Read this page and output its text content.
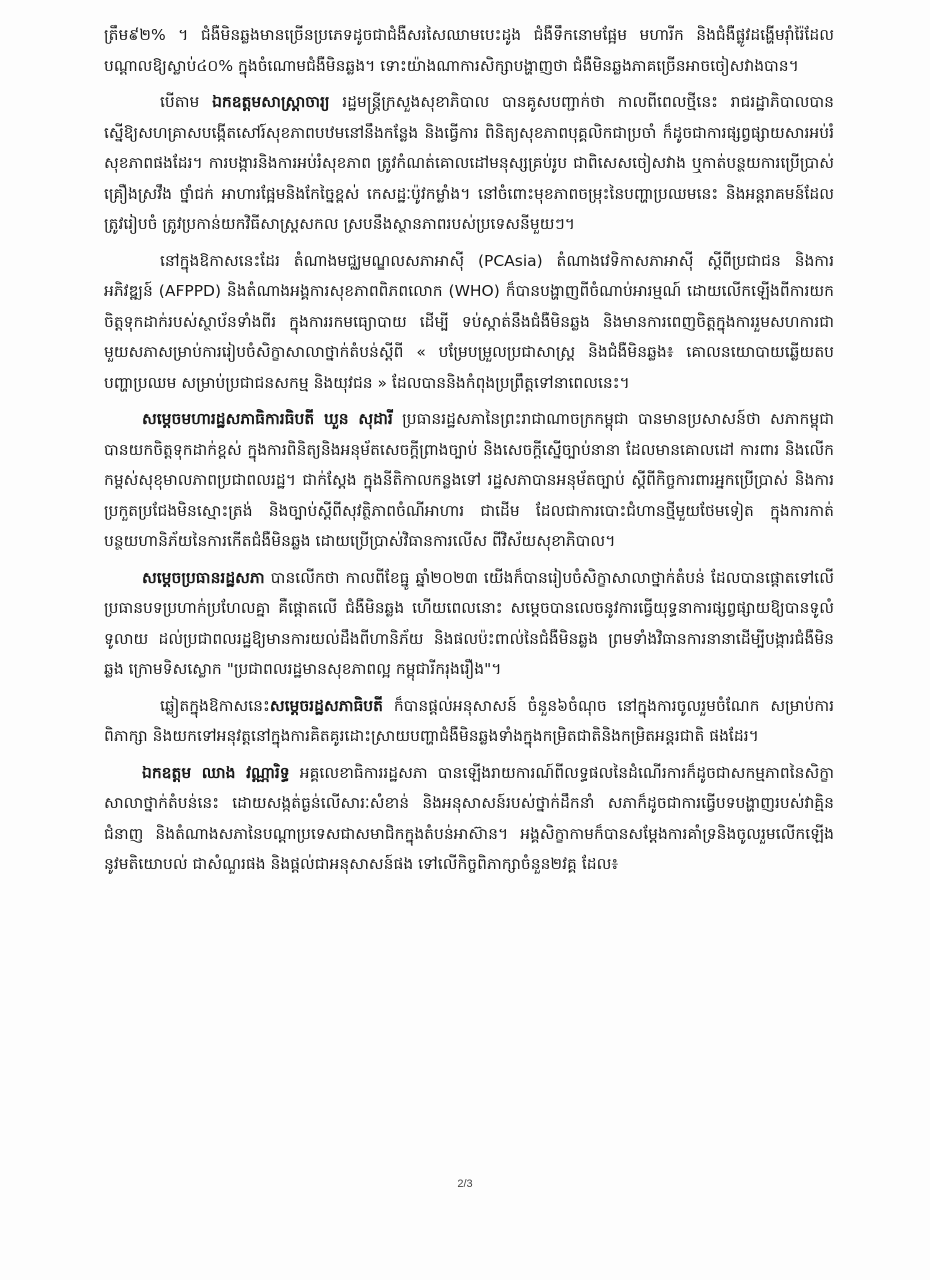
ត្រឹម៩២% ។ ជំងឺមិនឆ្លងមានច្រើនប្រភេទដូចជាជំងឺសរសៃឈាមបេះដូង ជំងឺទឹកនោមផ្អែម មហារីក និងជំងឺផ្លូវដង្ហើមរ៉ាំរ៉ៃដែលបណ្ដាលឱ្យស្លាប់៤០% ក្នុងចំណោមជំងឺមិនឆ្លង។ ទោះយ៉ាងណាការសិក្សាបង្ហាញថា ជំងឺមិនឆ្លងភាគច្រើនអាចចៀសវាងបាន។

បើតាម ឯកឧត្តមសាស្ត្រាចារ្យ រដ្ឋមន្ត្រីក្រសួងសុខាភិបាល បានគូសបញ្ជាក់ថា កាលពីពេលថ្មីនេះ រាជរដ្ឋាភិបាលបានស្នើឱ្យសហគ្រាសបង្កើតសៅរ៍សុខភាពបឋមនៅនឹងកន្លែង និងធ្វើការ ពិនិត្យសុខភាពបុគ្គលិកជាប្រចាំ ក៏ដូចជាការផ្សព្វផ្សាយសារអប់រំសុខភាពផងដែរ។ ការបង្ការនិងការអប់រំសុខភាព ត្រូវកំណត់គោលដៅមនុស្សគ្រប់រូប ជាពិសេសចៀសវាង ឬកាត់បន្ថយការប្រើប្រាស់គ្រឿងស្រវឹង ថ្នាំជក់ អាហារផ្អែមនិងកែច្នៃខ្ពស់ កេសដ្ឋៈប៉ូវកម្លាំង។ នៅចំពោះមុខភាពចម្រុះនៃបញ្ហាប្រឈមនេះ និងអន្តរាគមន៍ដែលត្រូវរៀបចំ ត្រូវប្រកាន់យកវិធីសាស្ត្រសកល ស្របនឹងស្ថានភាពរបស់ប្រទេសនីមួយៗ។

នៅក្នុងឱកាសនេះដែរ តំណាងមជ្ឈមណ្ឌលសភាអាស៊ី (PCAsia) តំណាងវេទិកាសភាអាស៊ី ស្ដីពីប្រជាជន និងការអភិវឌ្ឍន៍ (AFPPD) និងតំណាងអង្គការសុខភាពពិភពលោក (WHO) ក៏បានបង្ហាញពីចំណាប់អារម្មណ៍ ដោយលើកឡើងពីការយកចិត្តទុកដាក់របស់ស្ថាប័នទាំងពីរ ក្នុងការរកមធ្យោបាយ ដើម្បី ទប់ស្កាត់នឹងជំងឺមិនឆ្លង និងមានការពេញចិត្តក្នុងការរួមសហការជាមួយសភាសម្រាប់ការរៀបចំសិក្ខាសាលាថ្នាក់តំបន់ស្ដីពី « បម្រែបម្រួលប្រជាសាស្ត្រ និងជំងឺមិនឆ្លង៖ គោលនយោបាយឆ្លើយតប បញ្ហាប្រឈម សម្រាប់ប្រជាជនសកម្ម និងយុវជន » ដែលបាននិងកំពុងប្រព្រឹត្តទៅនាពេលនេះ។

សម្ដេចមហារដ្ឋសភាធិការធិបតី ឃួន សុដារី ប្រធានរដ្ឋសភានៃព្រះរាជាណាចក្រកម្ពុជា បានមានប្រសាសន៍ថា សភាកម្ពុជាបានយកចិត្តទុកដាក់ខ្ពស់ ក្នុងការពិនិត្យនិងអនុម័តសេចក្ដីព្រាងច្បាប់ និងសេចក្ដីស្នើច្បាប់នានា ដែលមានគោលដៅ ការពារ និងលើកកម្ពស់សុខុមាលភាពប្រជាពលរដ្ឋ។ ជាក់ស្ដែង ក្នុងនីតិកាលកន្លងទៅ រដ្ឋសភាបានអនុម័តច្បាប់ ស្ដីពីកិច្ចការពារអ្នកប្រើប្រាស់ និងការប្រកួតប្រជែងមិនស្មោះត្រង់ និងច្បាប់ស្ដីពីសុវត្ថិភាពចំណីអាហារ ជាដើម ដែលជាការបោះជំហានថ្មីមួយថែមទៀត ក្នុងការកាត់បន្ថយហានិភ័យនៃការកើតជំងឺមិនឆ្លង ដោយប្រើប្រាស់វិធានការលើស ពីវិស័យសុខាភិបាល។

សម្ដេចប្រធានរដ្ឋសភា បានលើកថា កាលពីខែធ្នូ ឆ្នាំ២០២៣ យើងក៏បានរៀបចំសិក្ខាសាលាថ្នាក់តំបន់ ដែលបានផ្ដោតទៅលើប្រធានបទប្រហាក់ប្រហែលគ្នា គឺផ្ដោតលើ ជំងឺមិនឆ្លង ហើយពេលនោះ សម្ដេចបានលេចនូវការធ្វើយុទ្ធនាការផ្សព្វផ្សាយឱ្យបានទូលំទូលាយ ដល់ប្រជាពលរដ្ឋឱ្យមានការយល់ដឹងពីហានិភ័យ និងផលប៉ះពាល់នៃជំងឺមិនឆ្លង ព្រមទាំងវិធានការនានាដើម្បីបង្ការជំងឺមិនឆ្លង ក្រោមទិសស្លោក "ប្រជាពលរដ្ឋមានសុខភាពល្អ កម្ពុជារីករុងរឿង"។

ឆ្លៀតក្នុងឱកាសនេះសម្ដេចរដ្ឋសភាធិបតី ក៏បានផ្ដល់អនុសាសន៍ ចំនួន៦ចំណុច នៅក្នុងការចូលរួមចំណែក សម្រាប់ការពិភាក្សា និងយកទៅអនុវត្តនៅក្នុងការគិតគូរដោះស្រាយបញ្ហាជំងឺមិនឆ្លងទាំងក្នុងកម្រិតជាតិនិងកម្រិតអន្តរជាតិ ផងដែរ។

ឯកឧត្តម ឈាង វណ្ណារិទ្ធ អគ្គលេខាធិការរដ្ឋសភា បានឡើងរាយការណ៍ពីលទ្ធផលនៃដំណើរការក៏ដូចជាសកម្មភាពនៃសិក្ខាសាលាថ្នាក់តំបន់នេះ ដោយសង្កត់ធ្ងន់លើសារៈសំខាន់ និងអនុសាសន៍របស់ថ្នាក់ដឹកនាំ សភាក៏ដូចជាការធ្វើបទបង្ហាញរបស់វាគ្មិនជំនាញ និងតំណាងសភានៃបណ្ដាប្រទេសជាសមាជិកក្នុងតំបន់អាស៊ាន។ អង្គសិក្ខាកាមក៏បានសម្ដែងការគាំទ្រនិងចូលរួមលើកឡើងនូវមតិយោបល់ ជាសំណួរផង និងផ្ដល់ជាអនុសាសន៍ផង ទៅលើកិច្ចពិភាក្សាចំនួន២វគ្គ ដែល៖

2/3
